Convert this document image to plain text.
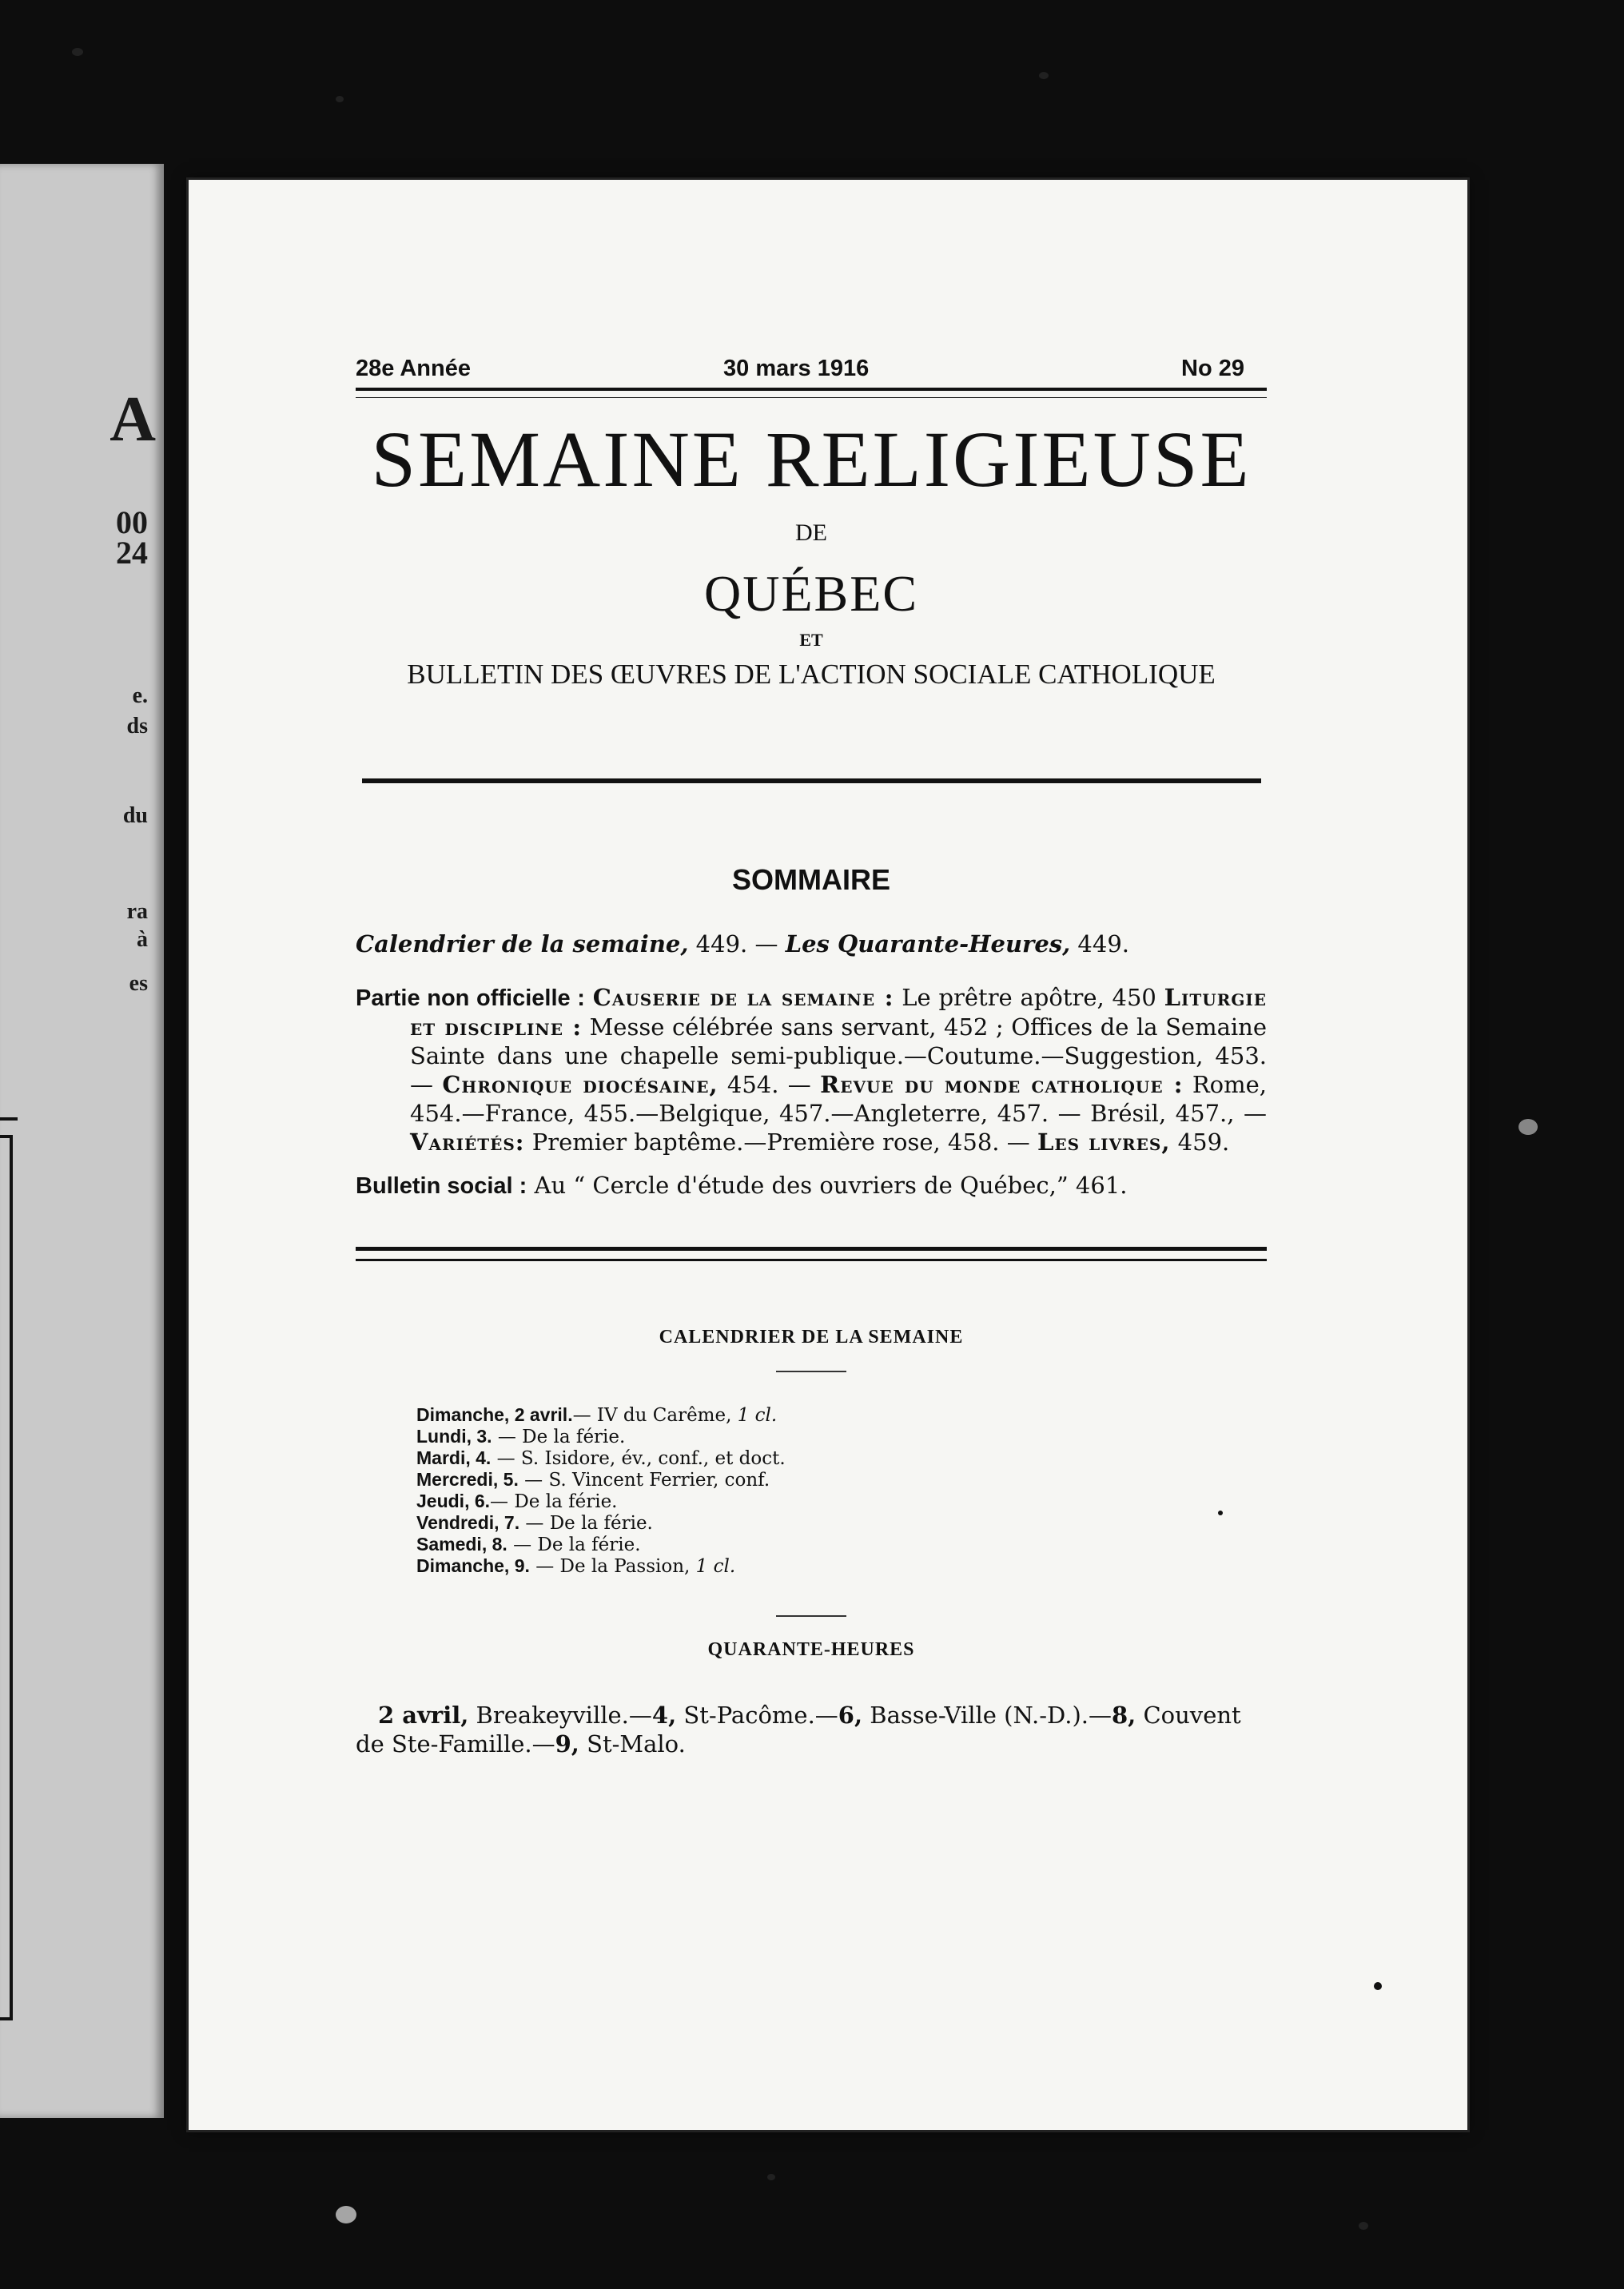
A
00
24
e.
ds
du
ra
à
es
28e Année	30 mars 1916	No 29
SEMAINE RELIGIEUSE
DE
QUÉBEC
ET
BULLETIN DES ŒUVRES DE L'ACTION SOCIALE CATHOLIQUE
SOMMAIRE
Calendrier de la semaine, 449. — Les Quarante-Heures, 449.
Partie non officielle : Causerie de la semaine : Le prêtre apôtre, 450 Liturgie et discipline : Messe célébrée sans servant, 452 ; Offices de la Semaine Sainte dans une chapelle semi-publique.—Coutume.—Suggestion, 453. — Chronique diocésaine, 454. — Revue du monde catholique : Rome, 454.—France, 455.—Belgique, 457.—Angleterre, 457. — Brésil, 457., — Variétés: Premier baptême.—Première rose, 458. — Les livres, 459.
Bulletin social : Au “ Cercle d'étude des ouvriers de Québec,” 461.
CALENDRIER DE LA SEMAINE
Dimanche, 2 avril.— IV du Carême, 1 cl.
Lundi, 3. — De la férie.
Mardi, 4. — S. Isidore, év., conf., et doct.
Mercredi, 5. — S. Vincent Ferrier, conf.
Jeudi, 6.— De la férie.
Vendredi, 7. — De la férie.
Samedi, 8. — De la férie.
Dimanche, 9. — De la Passion, 1 cl.
QUARANTE-HEURES
2 avril, Breakeyville.—4, St-Pacôme.—6, Basse-Ville (N.-D.).—8, Couvent de Ste-Famille.—9, St-Malo.
